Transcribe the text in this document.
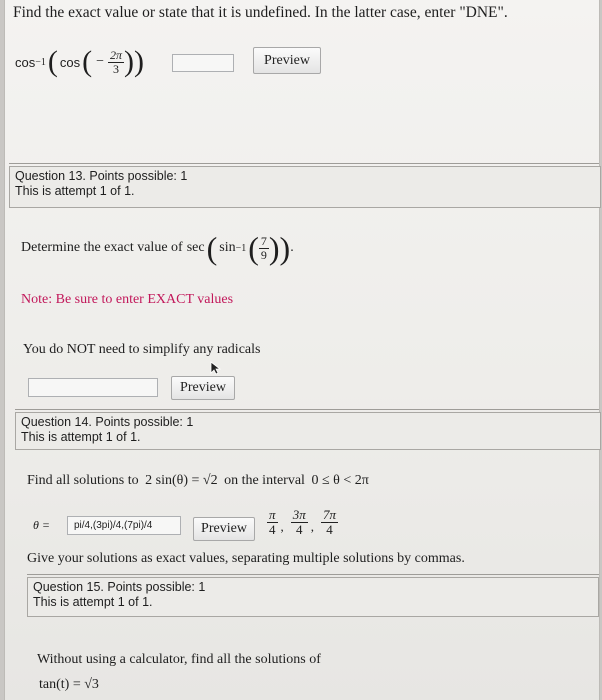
Find the exact value or state that it is undefined. In the latter case, enter "DNE".
cos −1 ( cos ( − $\frac{2\pi}{3}$ ))	Preview
Question 13. Points possible: 1
This is attempt 1 of 1.
Determine the exact value of sec ( sin −1 ( $\frac{7}{9}$ )) .
Note: Be sure to enter EXACT values
You do NOT need to simplify any radicals
Preview
Question 14. Points possible: 1
This is attempt 1 of 1.
Find all solutions to 2 sin(θ) = √2 on the interval 0 ≤ θ < 2π
θ =	pi/4,(3pi)/4,(7pi)/4	Preview $\frac{\pi}{4}$ , $\frac{3\pi}{4}$ , $\frac{7\pi}{4}$
Give your solutions as exact values, separating multiple solutions by commas.
Question 15. Points possible: 1
This is attempt 1 of 1.
Without using a calculator, find all the solutions of
tan(t) = √3
